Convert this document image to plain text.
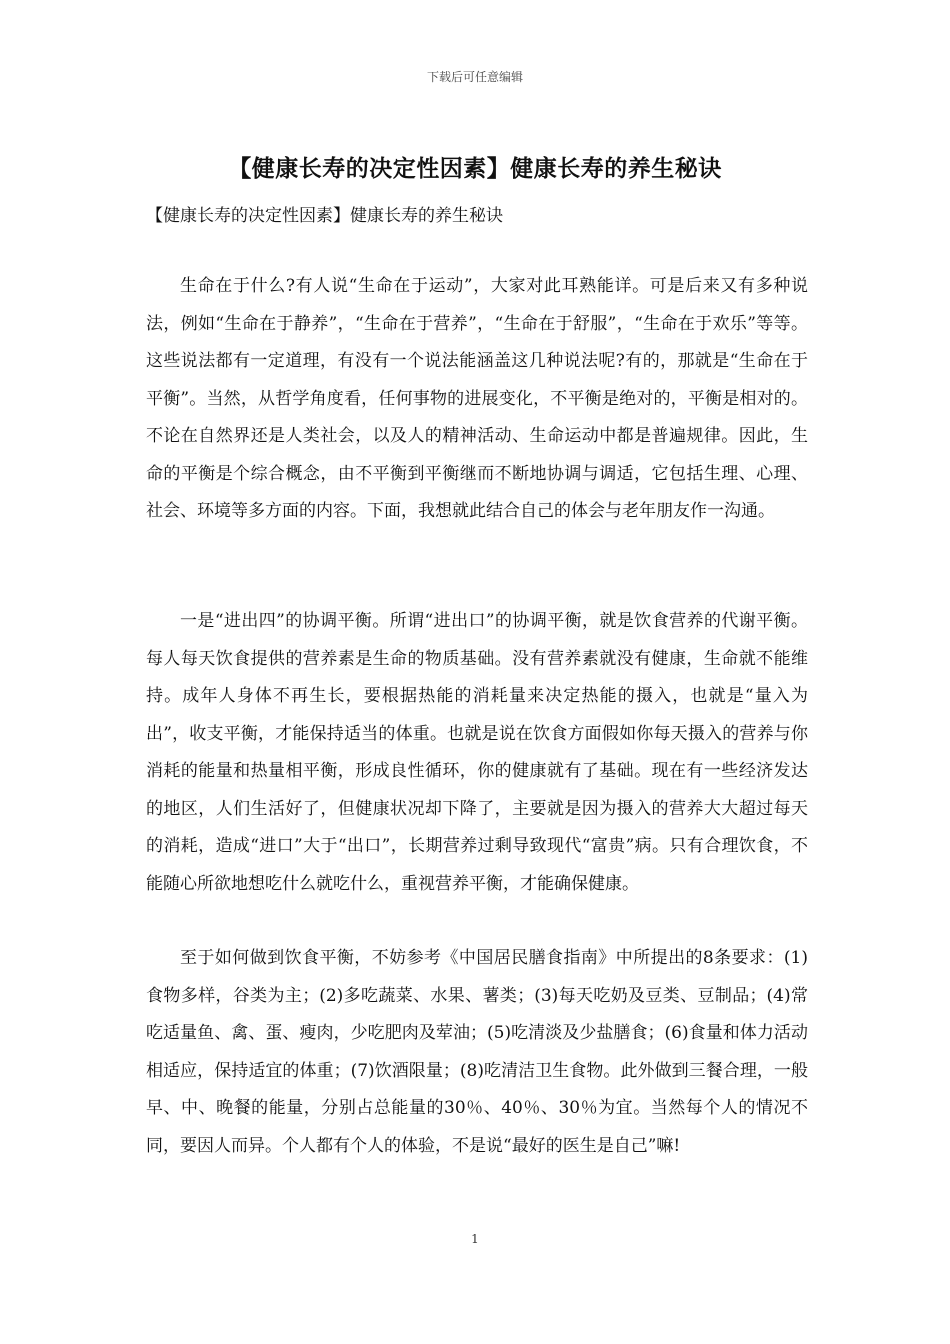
下载后可任意编辑
【健康长寿的决定性因素】健康长寿的养生秘诀
【健康长寿的决定性因素】健康长寿的养生秘诀

生命在于什么?有人说“生命在于运动”，大家对此耳熟能详。可是后来又有多种说法，例如“生命在于静养”，“生命在于营养”，“生命在于舒服”，“生命在于欢乐”等等。这些说法都有一定道理，有没有一个说法能涵盖这几种说法呢?有的，那就是“生命在于平衡”。当然，从哲学角度看，任何事物的进展变化，不平衡是绝对的，平衡是相对的。不论在自然界还是人类社会，以及人的精神活动、生命运动中都是普遍规律。因此，生命的平衡是个综合概念，由不平衡到平衡继而不断地协调与调适，它包括生理、心理、社会、环境等多方面的内容。下面，我想就此结合自己的体会与老年朋友作一沟通。

一是“进出四”的协调平衡。所谓“进出口”的协调平衡，就是饮食营养的代谢平衡。每人每天饮食提供的营养素是生命的物质基础。没有营养素就没有健康，生命就不能维持。成年人身体不再生长，要根据热能的消耗量来决定热能的摄入，也就是“量入为出”，收支平衡，才能保持适当的体重。也就是说在饮食方面假如你每天摄入的营养与你消耗的能量和热量相平衡，形成良性循环，你的健康就有了基础。现在有一些经济发达的地区，人们生活好了，但健康状况却下降了，主要就是因为摄入的营养大大超过每天的消耗，造成“进口”大于“出口”，长期营养过剩导致现代“富贵”病。只有合理饮食，不能随心所欲地想吃什么就吃什么，重视营养平衡，才能确保健康。

至于如何做到饮食平衡，不妨参考《中国居民膳食指南》中所提出的8条要求：(1)食物多样，谷类为主；(2)多吃蔬菜、水果、薯类；(3)每天吃奶及豆类、豆制品；(4)常吃适量鱼、禽、蛋、瘦肉，少吃肥肉及荤油；(5)吃清淡及少盐膳食；(6)食量和体力活动相适应，保持适宜的体重；(7)饮酒限量；(8)吃清洁卫生食物。此外做到三餐合理，一般早、中、晚餐的能量，分别占总能量的30％、40％、30％为宜。当然每个人的情况不同，要因人而异。个人都有个人的体验，不是说“最好的医生是自己”嘛!

1
